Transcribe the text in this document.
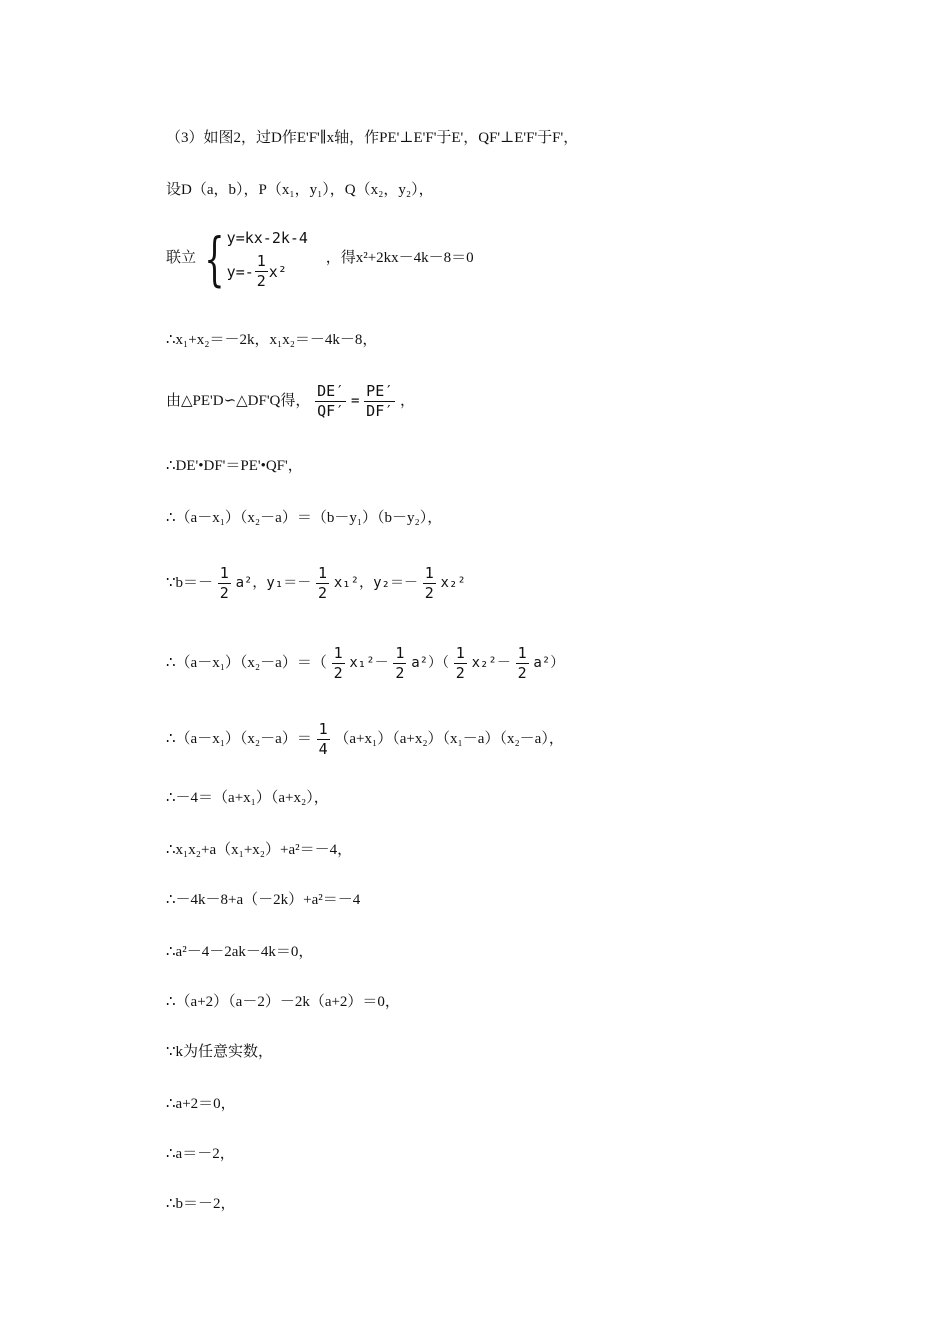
（3）如图2，过D作E'F'∥x轴，作PE'⊥E'F'于E'，QF'⊥E'F'于F'，
设D（a，b），P（x₁，y₁），Q（x₂，y₂），
联立 { y=kx-2k-4
$y=- \frac{1}{2} x^2$
，得x²+2kx－4k－8＝0
∴x₁+x₂＝－2k，x₁x₂＝－4k－8，
由△PE'D∽△DF'Q得， $\frac{DE'}{QF'} = \frac{PE'}{DF'}$ ，
∴DE'•DF'＝PE'•QF'，
∴（a－x₁）（x₂－a）＝（b－y₁）（b－y₂），
∵b＝－ $\frac{1}{2} a^2$，$y_1=- \frac{1}{2} x_1^2$，$y_2=- \frac{1}{2} x_2^2$
∴（a－x₁）（x₂－a）＝（ $\frac{1}{2} x_1^2- \frac{1}{2} a^2)( \frac{1}{2} x_2^2- \frac{1}{2} a^2)$
∴（a－x₁）（x₂－a）＝ $\frac{1}{4} (a+x_1)(a+x_2)(x_1-a)(x_2-a)$，
∴－4＝（a+x₁）（a+x₂），
∴x₁x₂+a（x₁+x₂）+a²＝－4，
∴－4k－8+a（－2k）+a²＝－4
∴a²－4－2ak－4k＝0，
∴（a+2）（a－2）－2k（a+2）＝0，
∵k为任意实数，
∴a+2＝0，
∴a＝－2，
∴b＝－2，
